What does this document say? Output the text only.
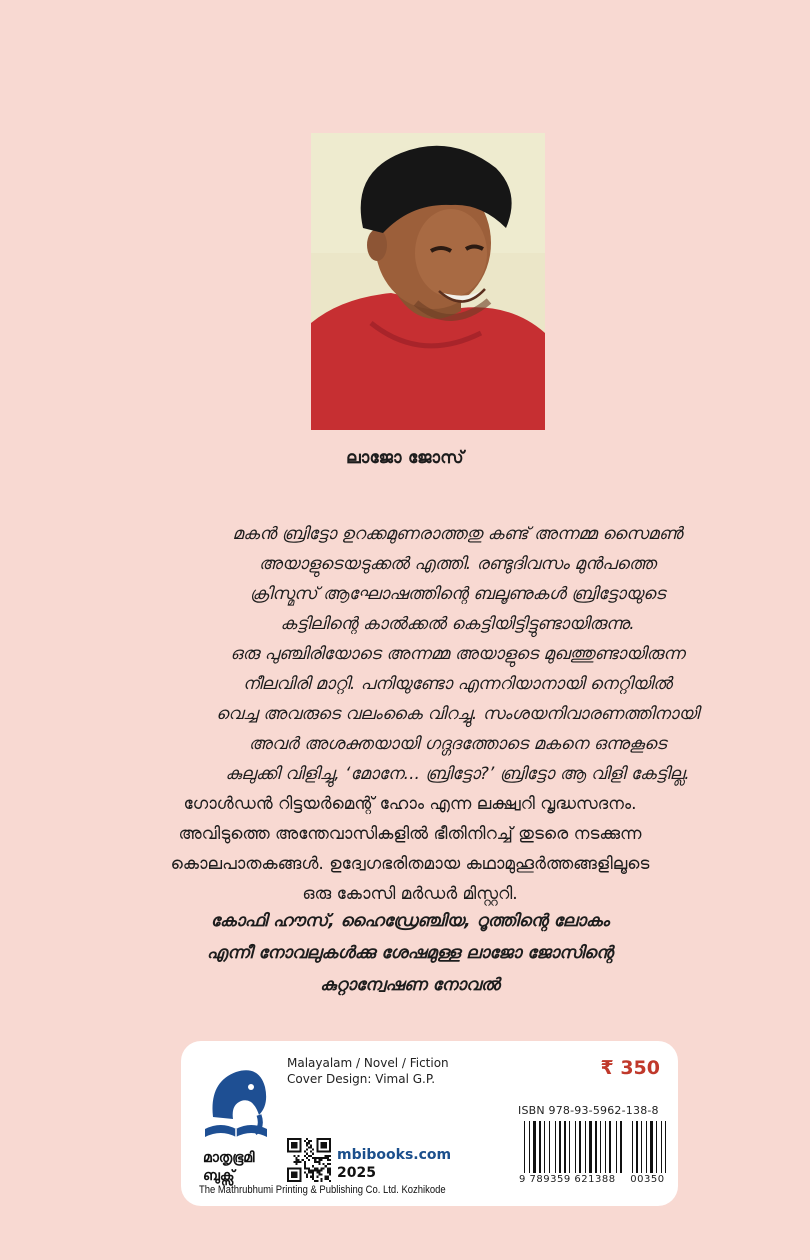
ലാജോ ജോസ്

മകൻ ബ്രിട്ടോ ഉറക്കമുണരാത്തതു കണ്ട് അന്നമ്മ സൈമൺ
അയാളുടെയടുക്കൽ എത്തി. രണ്ടുദിവസം മുൻപത്തെ
ക്രിസ്മസ് ആഘോഷത്തിന്റെ ബലൂണുകൾ ബ്രിട്ടോയുടെ
കട്ടിലിന്റെ കാൽക്കൽ കെട്ടിയിട്ടിട്ടുണ്ടായിരുന്നു.
ഒരു പുഞ്ചിരിയോടെ അന്നമ്മ അയാളുടെ മുഖത്തുണ്ടായിരുന്ന
നീലവിരി മാറ്റി. പനിയുണ്ടോ എന്നറിയാനായി നെറ്റിയിൽ
വെച്ച അവരുടെ വലംകൈ വിറച്ചു. സംശയനിവാരണത്തിനായി
അവർ അശക്തയായി ഗദ്ഗദത്തോടെ മകനെ ഒന്നുകൂടെ
കുലുക്കി വിളിച്ചു, ‘മോനേ... ബ്രിട്ടോ?’ ബ്രിട്ടോ ആ വിളി കേട്ടില്ല.

ഗോൾഡൻ റിട്ടയർമെന്റ് ഹോം എന്ന ലക്ഷ്വറി വൃദ്ധസദനം.
അവിടുത്തെ അന്തേവാസികളിൽ ഭീതിനിറച്ച് തുടരെ നടക്കുന്ന
കൊലപാതകങ്ങൾ. ഉദ്വേഗഭരിതമായ കഥാമുഹൂർത്തങ്ങളിലൂടെ
ഒരു കോസി മർഡർ മിസ്റ്ററി.

കോഫി ഹൗസ്, ഹൈഡ്രേഞ്ചിയ, റൂത്തിന്റെ ലോകം
എന്നീ നോവലുകൾക്കു ശേഷമുള്ള ലാജോ ജോസിന്റെ
കുറ്റാന്വേഷണ നോവൽ

മാതൃഭൂമി
ബുക്സ്
Malayalam / Novel / Fiction
Cover Design: Vimal G.P.	₹ 350
ISBN 978-93-5962-138-8
9 789359 621388    00350
mbibooks.com
2025
The Mathrubhumi Printing & Publishing Co. Ltd. Kozhikode
